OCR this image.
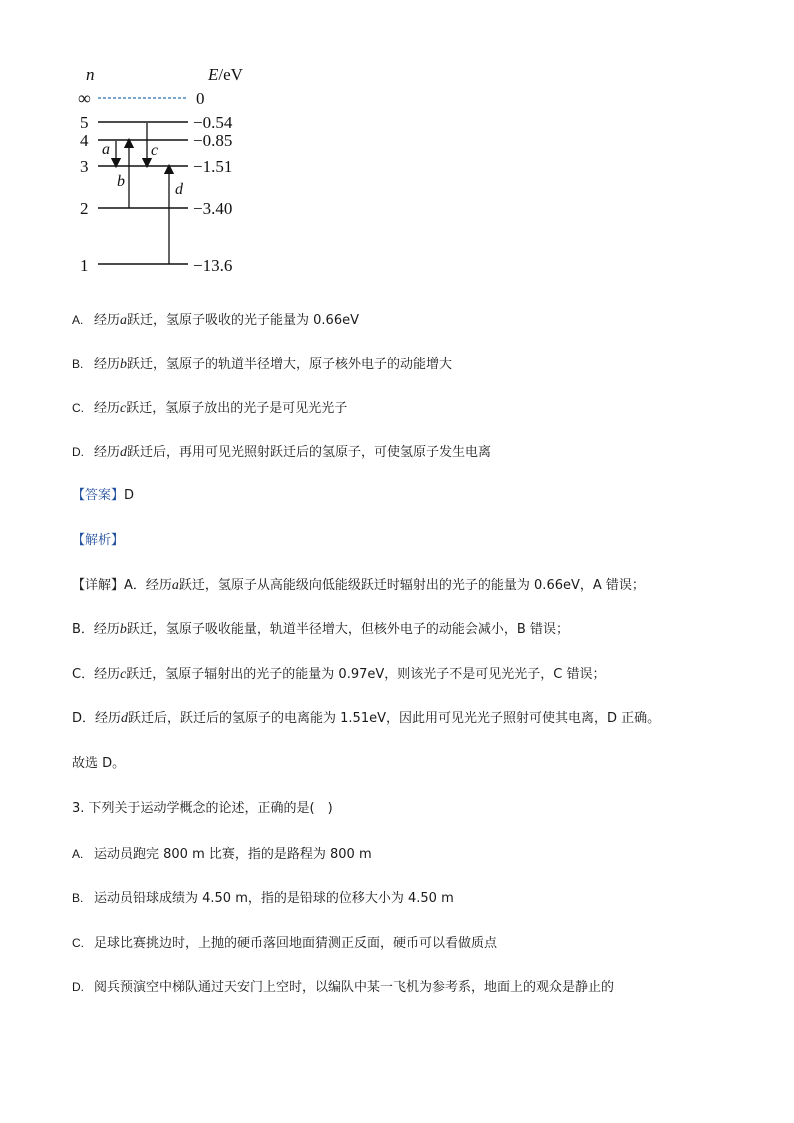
n	E/eV
∞
5
4
3
2
1
0
−0.54
−0.85
−1.51
−3.40
−13.6
a
b
c
d
A. 经历a跃迁，氢原子吸收的光子能量为 0.66eV
B. 经历b跃迁，氢原子的轨道半径增大，原子核外电子的动能增大
C. 经历c跃迁，氢原子放出的光子是可见光光子
D. 经历d跃迁后，再用可见光照射跃迁后的氢原子，可使氢原子发生电离
【答案】D
【解析】
【详解】A．经历a跃迁，氢原子从高能级向低能级跃迁时辐射出的光子的能量为 0.66eV，A 错误；
B．经历b跃迁，氢原子吸收能量，轨道半径增大，但核外电子的动能会减小，B 错误；
C．经历c跃迁，氢原子辐射出的光子的能量为 0.97eV，则该光子不是可见光光子，C 错误；
D．经历d跃迁后，跃迁后的氢原子的电离能为 1.51eV，因此用可见光光子照射可使其电离，D 正确。
故选 D。
3. 下列关于运动学概念的论述，正确的是(　)
A. 运动员跑完 800 m 比赛，指的是路程为 800 m
B. 运动员铅球成绩为 4.50 m，指的是铅球的位移大小为 4.50 m
C. 足球比赛挑边时，上抛的硬币落回地面猜测正反面，硬币可以看做质点
D. 阅兵预演空中梯队通过天安门上空时，以编队中某一飞机为参考系，地面上的观众是静止的
